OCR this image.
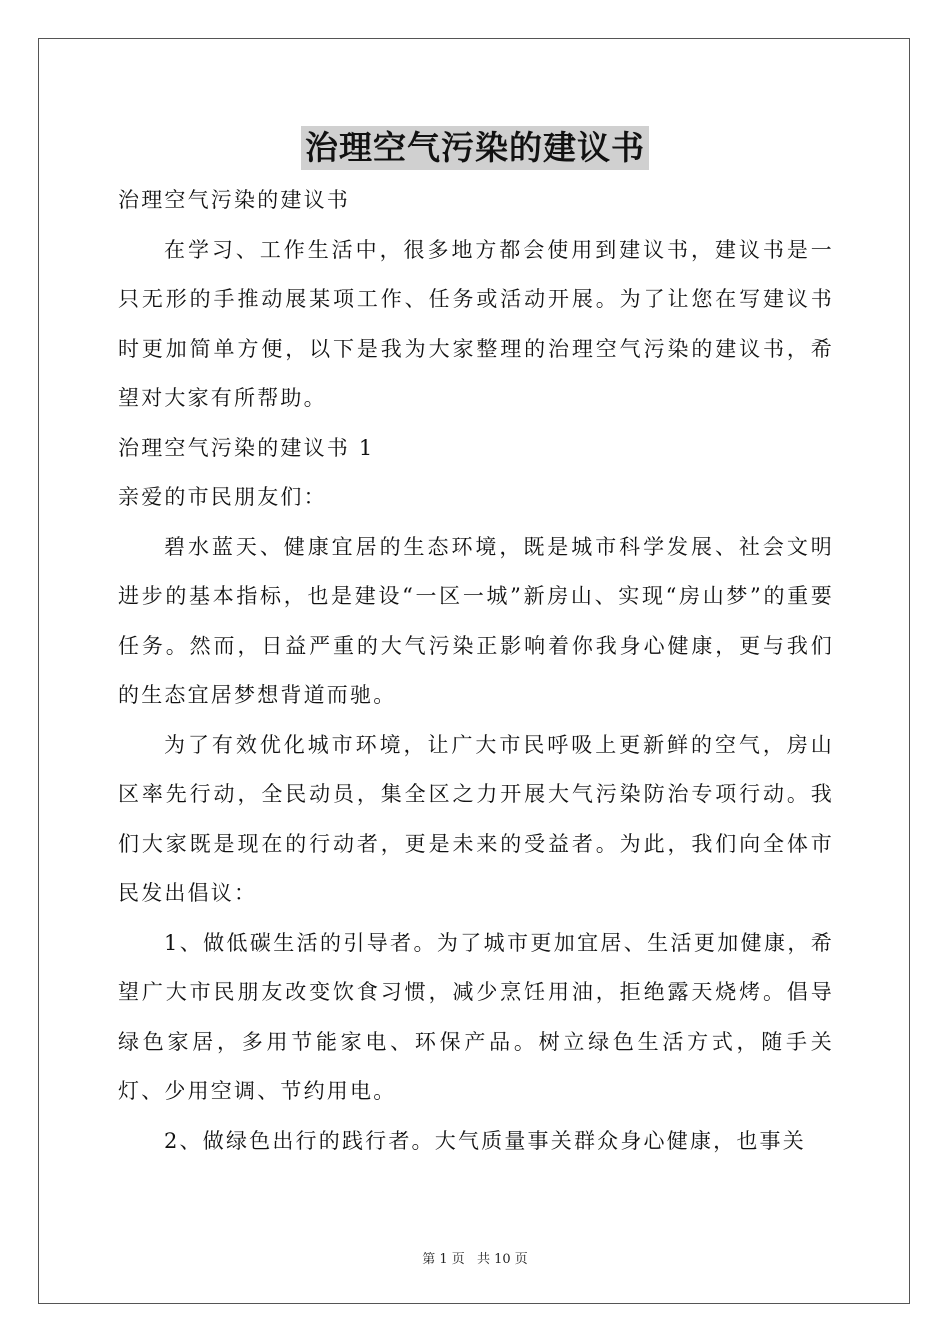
治理空气污染的建议书

治理空气污染的建议书

在学习、工作生活中，很多地方都会使用到建议书，建议书是一只无形的手推动展某项工作、任务或活动开展。为了让您在写建议书时更加简单方便，以下是我为大家整理的治理空气污染的建议书，希望对大家有所帮助。

治理空气污染的建议书 1

亲爱的市民朋友们：

碧水蓝天、健康宜居的生态环境，既是城市科学发展、社会文明进步的基本指标，也是建设“一区一城”新房山、实现“房山梦”的重要任务。然而，日益严重的大气污染正影响着你我身心健康，更与我们的生态宜居梦想背道而驰。

为了有效优化城市环境，让广大市民呼吸上更新鲜的空气，房山区率先行动，全民动员，集全区之力开展大气污染防治专项行动。我们大家既是现在的行动者，更是未来的受益者。为此，我们向全体市民发出倡议：

1、做低碳生活的引导者。为了城市更加宜居、生活更加健康，希望广大市民朋友改变饮食习惯，减少烹饪用油，拒绝露天烧烤。倡导绿色家居，多用节能家电、环保产品。树立绿色生活方式，随手关灯、少用空调、节约用电。

2、做绿色出行的践行者。大气质量事关群众身心健康，也事关

第 1 页 共 10 页
